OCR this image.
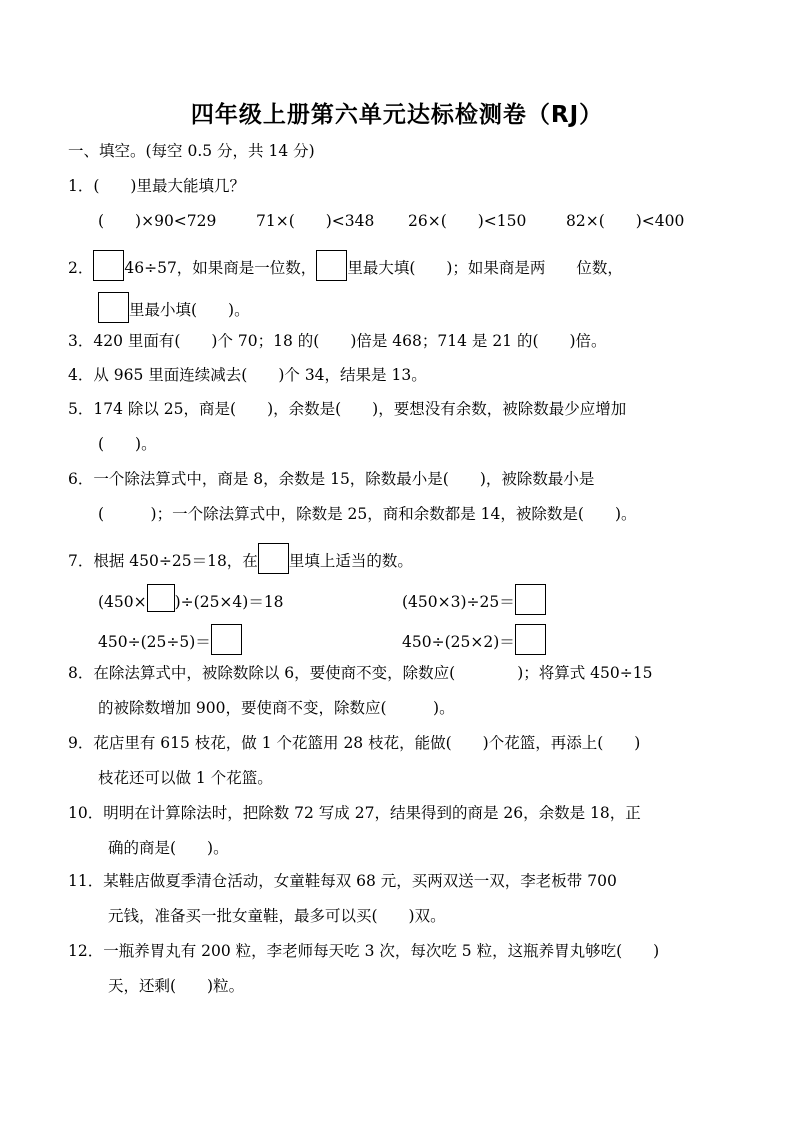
四年级上册第六单元达标检测卷（RJ）
一、填空。(每空 0.5 分，共 14 分)
1．(　　)里最大能填几？
(　　)×90<729	71×(　　)<348 26×(　　)<150	82×(　　)<400
2． 46÷57，如果商是一位数， 里最大填(　　)；如果商是两　　位数，
里最小填(　　)。
3．420 里面有(　　)个 70；18 的(　　)倍是 468；714 是 21 的(　　)倍。
4．从 965 里面连续减去(　　)个 34，结果是 13。
5．174 除以 25，商是(　　)，余数是(　　)，要想没有余数，被除数最少应增加
(　　)。
6．一个除法算式中，商是 8，余数是 15，除数最小是(　　)，被除数最小是
(　　　)；一个除法算式中，除数是 25，商和余数都是 14，被除数是(　　)。
7．根据 450÷25＝18，在 里填上适当的数。
(450× )÷(25×4)＝18	(450×3)÷25＝
450÷(25÷5)＝	450÷(25×2)＝
8．在除法算式中，被除数除以 6，要使商不变，除数应(　　　　)；将算式 450÷15
的被除数增加 900，要使商不变，除数应(　　　)。
9．花店里有 615 枝花，做 1 个花篮用 28 枝花，能做(　　)个花篮，再添上(　　)
枝花还可以做 1 个花篮。
10．明明在计算除法时，把除数 72 写成 27，结果得到的商是 26，余数是 18，正
确的商是(　　)。
11．某鞋店做夏季清仓活动，女童鞋每双 68 元，买两双送一双，李老板带 700
元钱，准备买一批女童鞋，最多可以买(　　)双。
12．一瓶养胃丸有 200 粒，李老师每天吃 3 次，每次吃 5 粒，这瓶养胃丸够吃(　　)
天，还剩(　　)粒。
